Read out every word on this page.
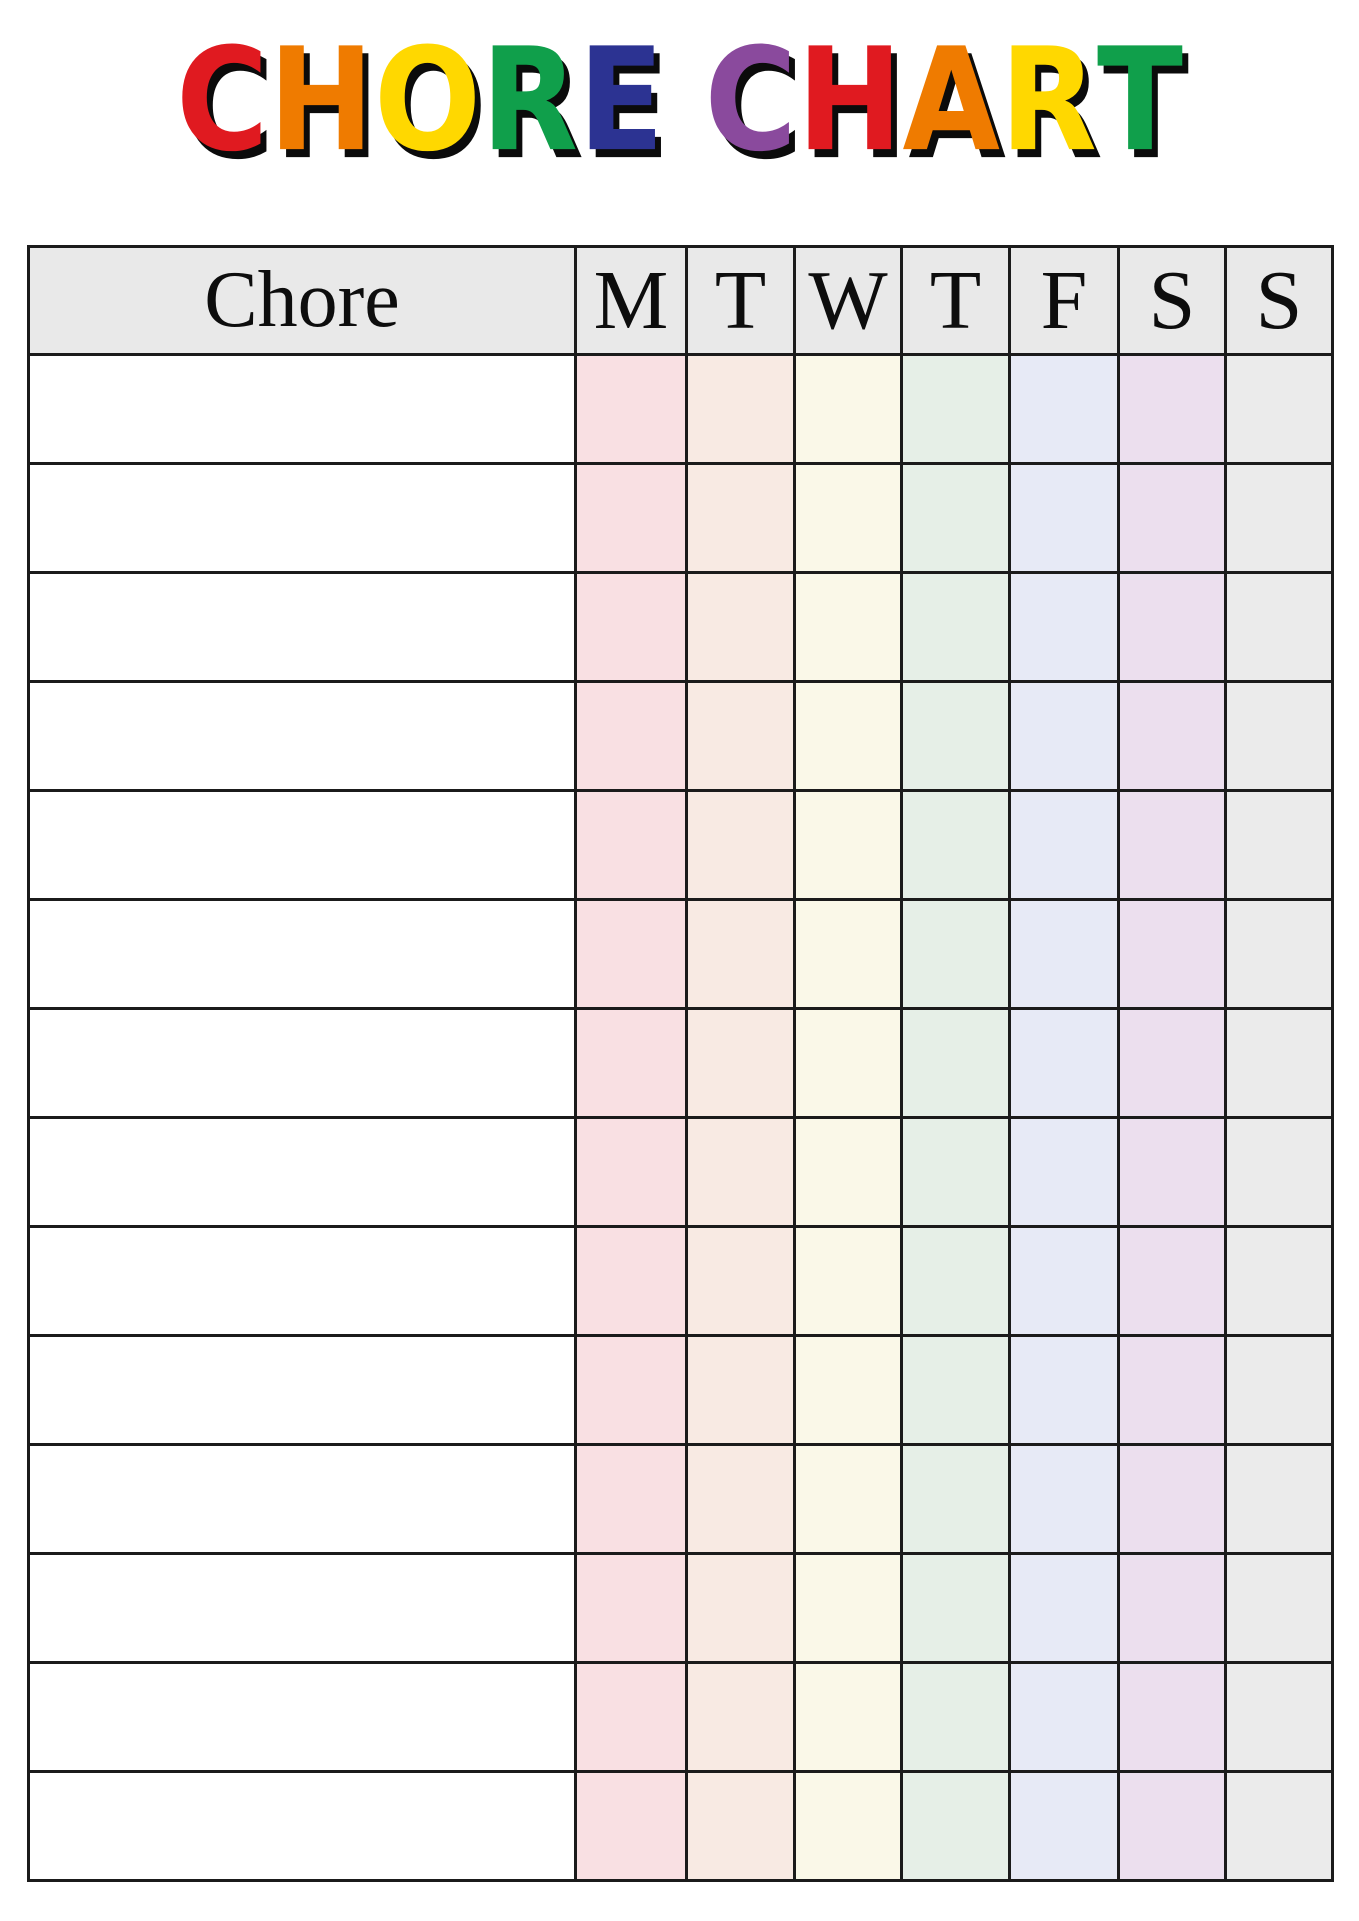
CHORE CHART
Chore	M	T	W	T	F	S	S
